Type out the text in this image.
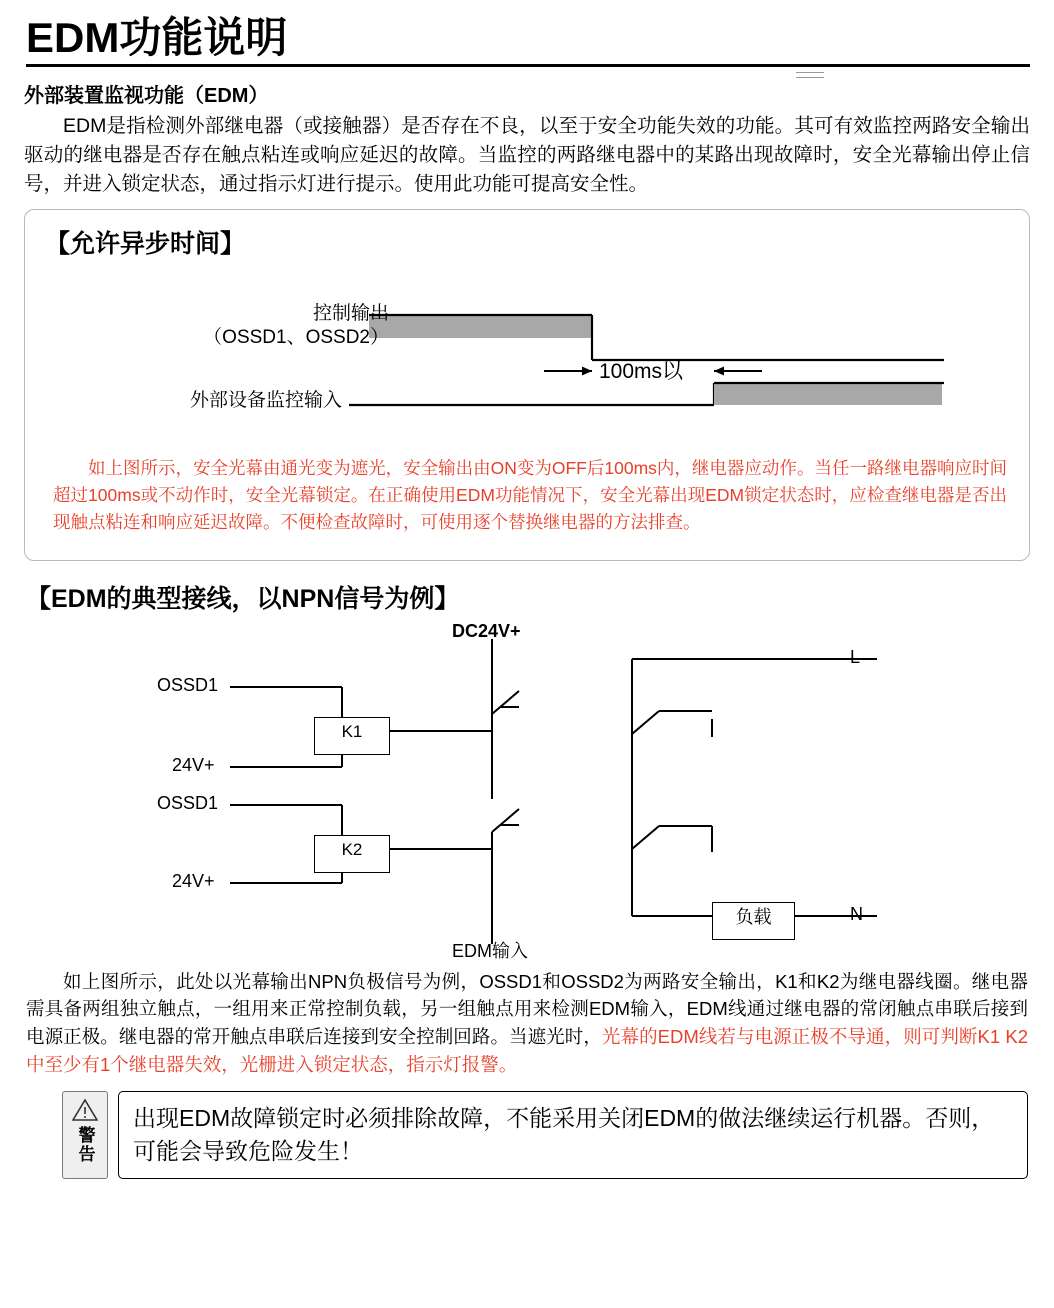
EDM功能说明
外部装置监视功能（EDM）
EDM是指检测外部继电器（或接触器）是否存在不良，以至于安全功能失效的功能。其可有效监控两路安全输出驱动的继电器是否存在触点粘连或响应延迟的故障。当监控的两路继电器中的某路出现故障时，安全光幕输出停止信号，并进入锁定状态，通过指示灯进行提示。使用此功能可提高安全性。
【允许异步时间】
控制输出
（OSSD1、OSSD2）
外部设备监控输入
100ms以
如上图所示，安全光幕由通光变为遮光，安全输出由ON变为OFF后100ms内，继电器应动作。当任一路继电器响应时间超过100ms或不动作时，安全光幕锁定。在正确使用EDM功能情况下，安全光幕出现EDM锁定状态时，应检查继电器是否出现触点粘连和响应延迟故障。不便检查故障时，可使用逐个替换继电器的方法排查。
【EDM的典型接线，以NPN信号为例】
DC24V+
OSSD1
24V+
OSSD1
24V+
K1
K2
负载
EDM输入
L
N
如上图所示，此处以光幕输出NPN负极信号为例，OSSD1和OSSD2为两路安全输出，K1和K2为继电器线圈。继电器需具备两组独立触点，一组用来正常控制负载，另一组触点用来检测EDM输入，EDM线通过继电器的常闭触点串联后接到电源正极。继电器的常开触点串联后连接到安全控制回路。当遮光时，光幕的EDM线若与电源正极不导通，则可判断K1 K2中至少有1个继电器失效，光栅进入锁定状态，指示灯报警。
警告
出现EDM故障锁定时必须排除故障，不能采用关闭EDM的做法继续运行机器。否则，可能会导致危险发生！
